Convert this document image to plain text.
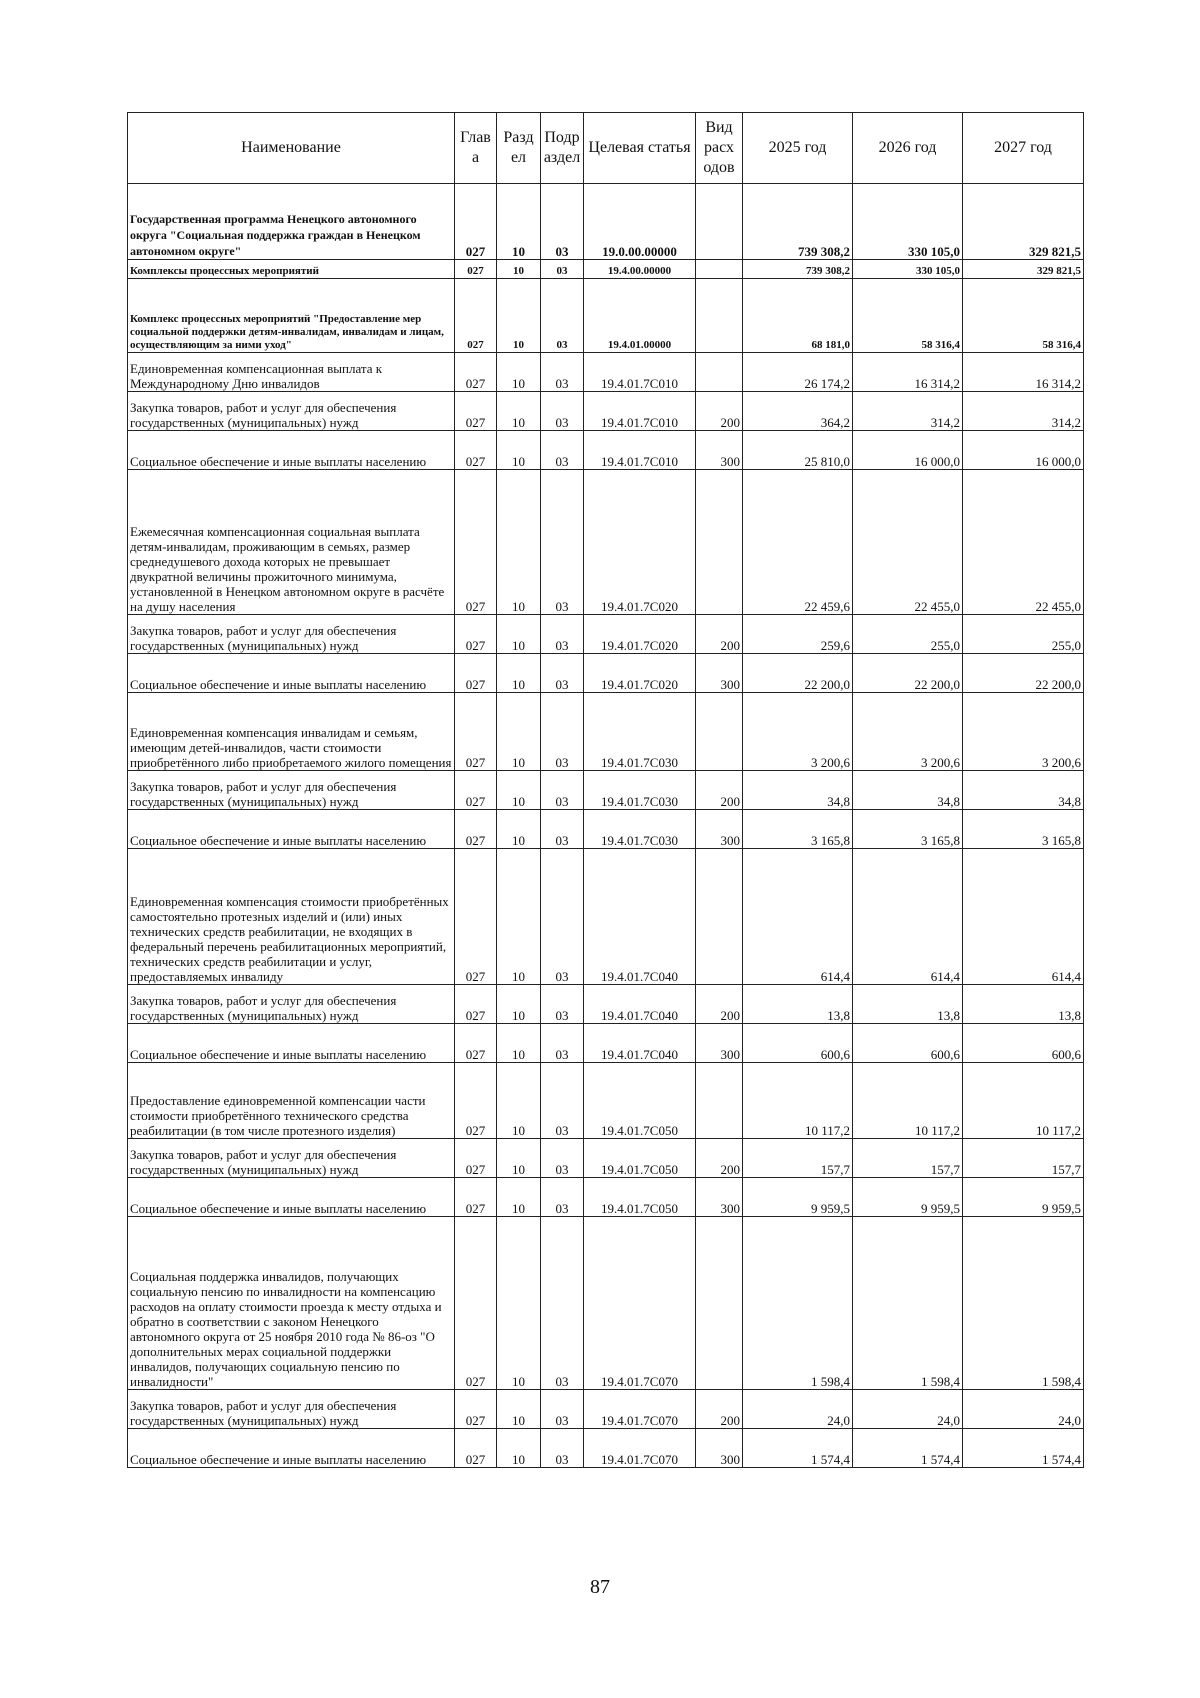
Наименование	Глав а	Разд ел	Подр аздел	Целевая статья	Вид расх одов	2025 год	2026 год	2027 год
Государственная программа Ненецкого автономного округа "Социальная поддержка граждан в Ненецком автономном округе"	027	10	03	19.0.00.00000		739 308,2	330 105,0	329 821,5
Комплексы процессных мероприятий	027	10	03	19.4.00.00000		739 308,2	330 105,0	329 821,5
Комплекс процессных мероприятий "Предоставление мер социальной поддержки детям-инвалидам, инвалидам и лицам, осуществляющим за ними уход"	027	10	03	19.4.01.00000		68 181,0	58 316,4	58 316,4
Единовременная компенсационная выплата к Международному Дню инвалидов	027	10	03	19.4.01.7С010		26 174,2	16 314,2	16 314,2
Закупка товаров, работ и услуг для обеспечения государственных (муниципальных) нужд	027	10	03	19.4.01.7С010	200	364,2	314,2	314,2
Социальное обеспечение и иные выплаты населению	027	10	03	19.4.01.7С010	300	25 810,0	16 000,0	16 000,0
Ежемесячная компенсационная социальная выплата детям-инвалидам, проживающим в семьях, размер среднедушевого дохода которых не превышает двукратной величины прожиточного минимума, установленной в Ненецком автономном округе в расчёте на душу населения	027	10	03	19.4.01.7С020		22 459,6	22 455,0	22 455,0
Закупка товаров, работ и услуг для обеспечения государственных (муниципальных) нужд	027	10	03	19.4.01.7С020	200	259,6	255,0	255,0
Социальное обеспечение и иные выплаты населению	027	10	03	19.4.01.7С020	300	22 200,0	22 200,0	22 200,0
Единовременная компенсация инвалидам и семьям, имеющим детей-инвалидов, части стоимости приобретённого либо приобретаемого жилого помещения	027	10	03	19.4.01.7С030		3 200,6	3 200,6	3 200,6
Закупка товаров, работ и услуг для обеспечения государственных (муниципальных) нужд	027	10	03	19.4.01.7С030	200	34,8	34,8	34,8
Социальное обеспечение и иные выплаты населению	027	10	03	19.4.01.7С030	300	3 165,8	3 165,8	3 165,8
Единовременная компенсация стоимости приобретённых самостоятельно протезных изделий и (или) иных технических средств реабилитации, не входящих в федеральный перечень реабилитационных мероприятий, технических средств реабилитации и услуг, предоставляемых инвалиду	027	10	03	19.4.01.7С040		614,4	614,4	614,4
Закупка товаров, работ и услуг для обеспечения государственных (муниципальных) нужд	027	10	03	19.4.01.7С040	200	13,8	13,8	13,8
Социальное обеспечение и иные выплаты населению	027	10	03	19.4.01.7С040	300	600,6	600,6	600,6
Предоставление единовременной компенсации части стоимости приобретённого технического средства реабилитации (в том числе протезного изделия)	027	10	03	19.4.01.7С050		10 117,2	10 117,2	10 117,2
Закупка товаров, работ и услуг для обеспечения государственных (муниципальных) нужд	027	10	03	19.4.01.7С050	200	157,7	157,7	157,7
Социальное обеспечение и иные выплаты населению	027	10	03	19.4.01.7С050	300	9 959,5	9 959,5	9 959,5
Социальная поддержка инвалидов, получающих социальную пенсию по инвалидности на компенсацию расходов на оплату стоимости проезда к месту отдыха и обратно в соответствии с законом Ненецкого автономного округа от 25 ноября 2010 года № 86-оз "О дополнительных мерах социальной поддержки инвалидов, получающих социальную пенсию по инвалидности"	027	10	03	19.4.01.7С070		1 598,4	1 598,4	1 598,4
Закупка товаров, работ и услуг для обеспечения государственных (муниципальных) нужд	027	10	03	19.4.01.7С070	200	24,0	24,0	24,0
Социальное обеспечение и иные выплаты населению	027	10	03	19.4.01.7С070	300	1 574,4	1 574,4	1 574,4
87
